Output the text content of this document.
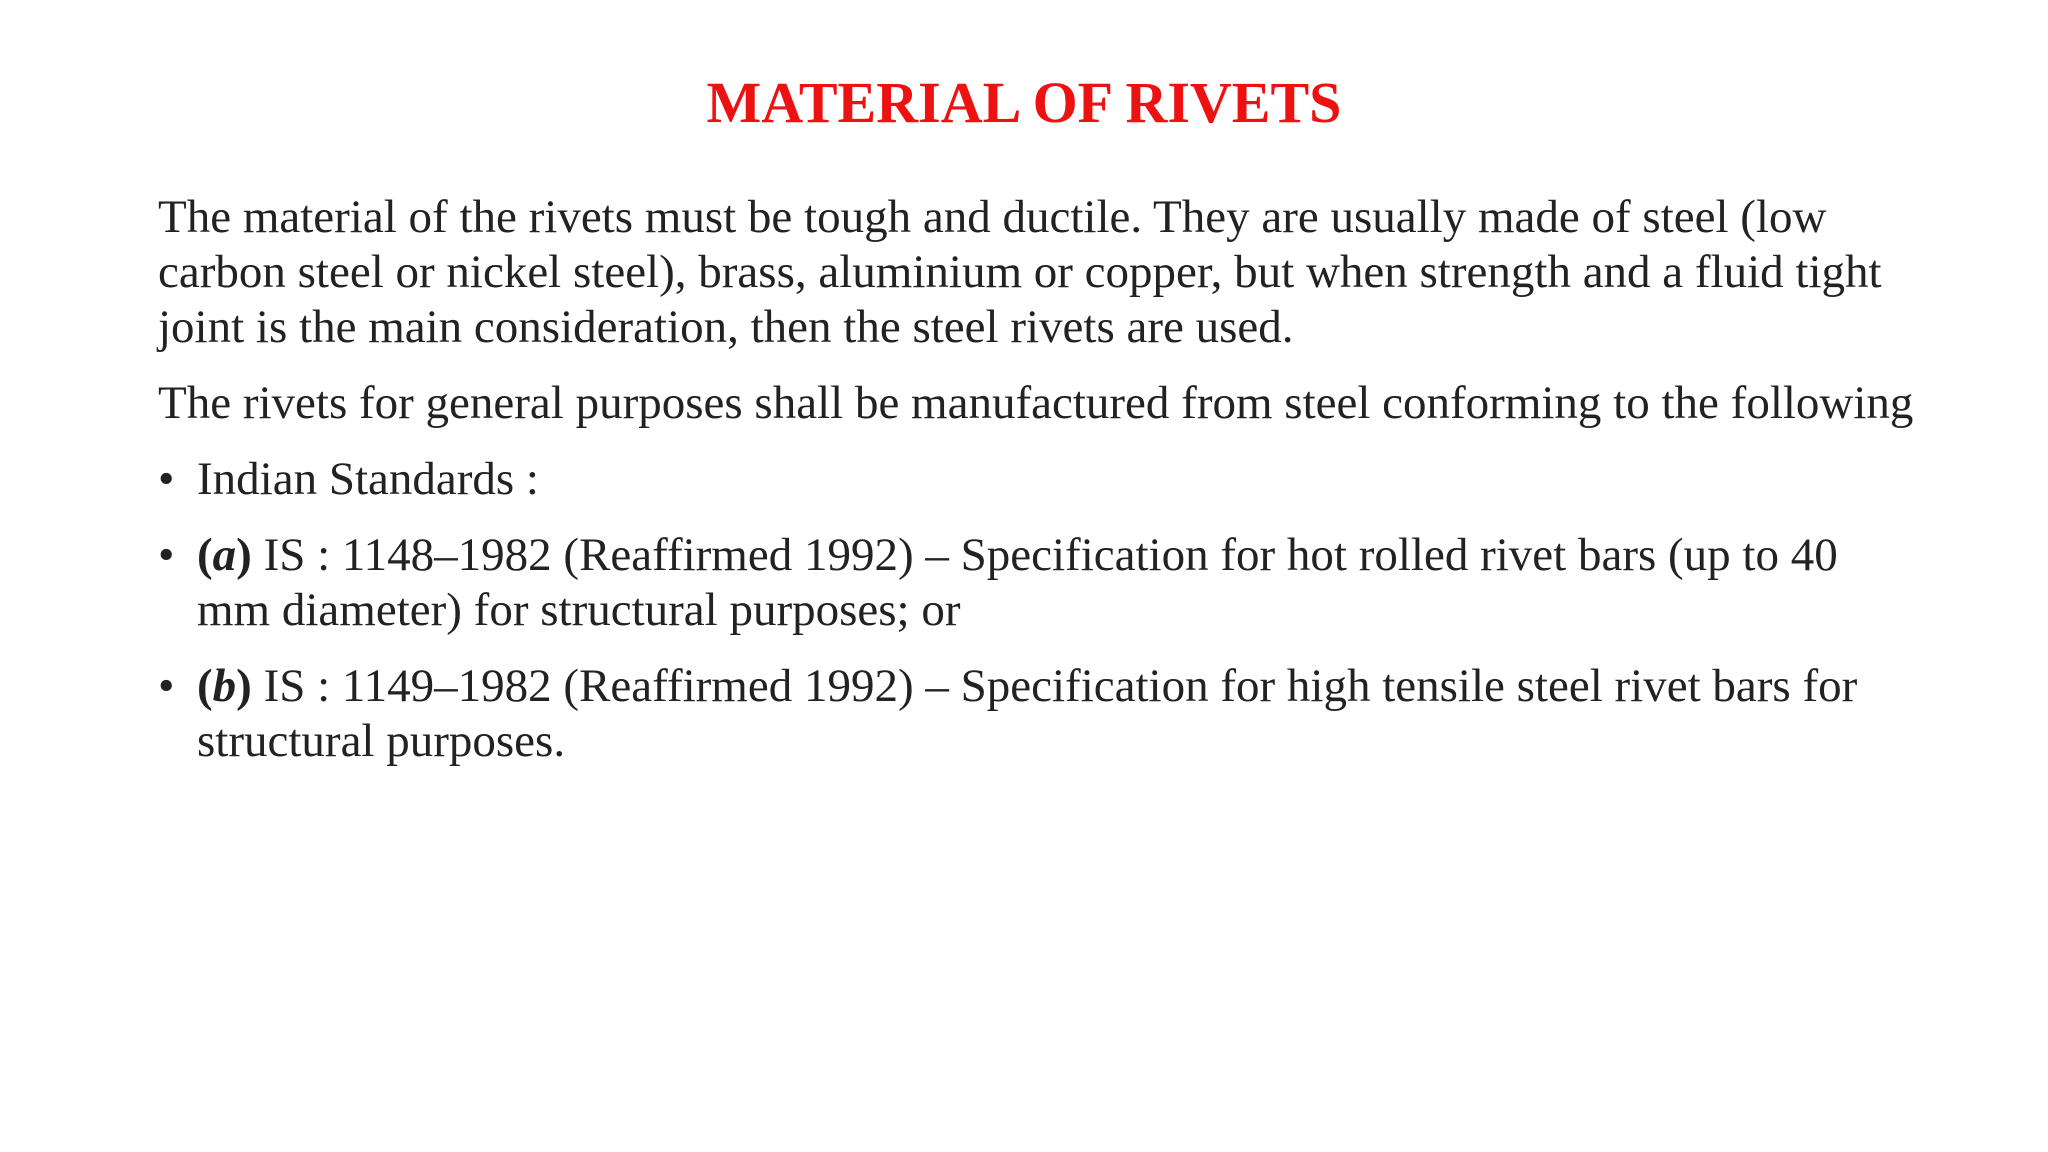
MATERIAL OF RIVETS

The material of the rivets must be tough and ductile. They are usually made of steel (low carbon steel or nickel steel), brass, aluminium or copper, but when strength and a fluid tight joint is the main consideration, then the steel rivets are used.

The rivets for general purposes shall be manufactured from steel conforming to the following

• Indian Standards :
• (a) IS : 1148–1982 (Reaffirmed 1992) – Specification for hot rolled rivet bars (up to 40 mm diameter) for structural purposes; or
• (b) IS : 1149–1982 (Reaffirmed 1992) – Specification for high tensile steel rivet bars for structural purposes.
